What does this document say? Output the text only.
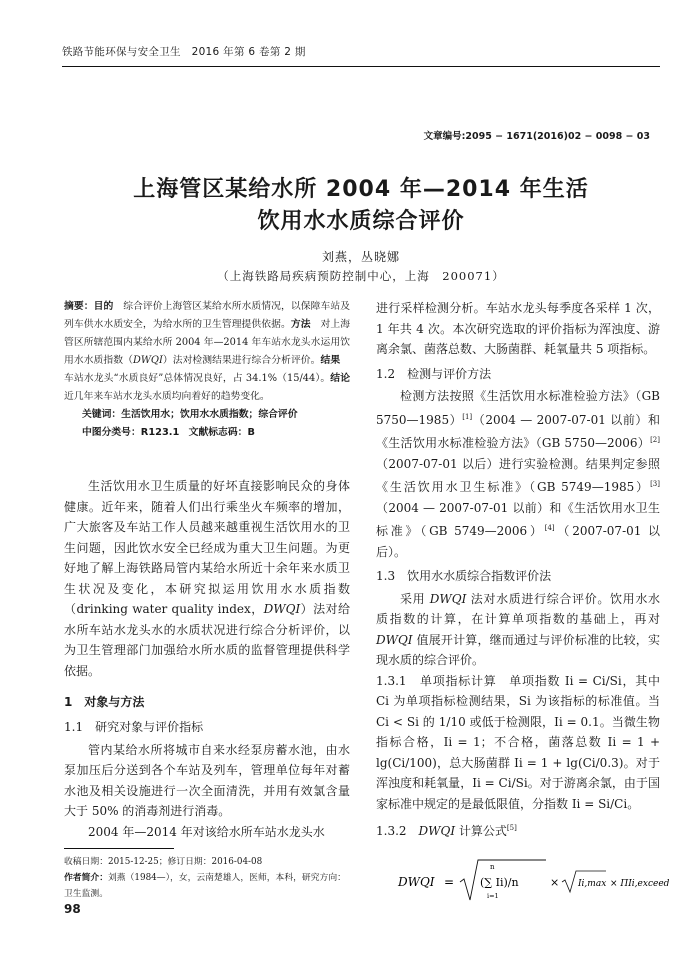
铁路节能环保与安全卫生　2016 年第 6 卷第 2 期
文章编号:2095 − 1671(2016)02 − 0098 − 03
上海管区某给水所 2004 年—2014 年生活
饮用水水质综合评价
刘燕，丛晓娜
（上海铁路局疾病预防控制中心，上海　200071）
摘要：目的　综合评价上海管区某给水所水质情况，以保障车站及列车供水水质安全，为给水所的卫生管理提供依据。方法　对上海管区所辖范围内某给水所 2004 年—2014 年车站水龙头水运用饮用水水质指数（DWQI）法对检测结果进行综合分析评价。结果　车站水龙头“水质良好”总体情况良好，占 34.1%（15/44）。结论近几年来车站水龙头水质均向着好的趋势变化。
关键词：生活饮用水；饮用水水质指数；综合评价
中图分类号：R123.1 文献标志码：B

生活饮用水卫生质量的好坏直接影响民众的身体健康。近年来，随着人们出行乘坐火车频率的增加，广大旅客及车站工作人员越来越重视生活饮用水的卫生问题，因此饮水安全已经成为重大卫生问题。为更好地了解上海铁路局管内某给水所近十余年来水质卫生状况及变化，本研究拟运用饮用水水质指数（drinking water quality index，DWQI）法对给水所车站水龙头水的水质状况进行综合分析评价，以为卫生管理部门加强给水所水质的监督管理提供科学依据。

1　对象与方法
1.1　研究对象与评价指标

管内某给水所将城市自来水经泵房蓄水池，由水泵加压后分送到各个车站及列车，管理单位每年对蓄水池及相关设施进行一次全面清洗，并用有效氯含量大于 50% 的消毒剂进行消毒。

2004 年—2014 年对该给水所车站水龙头水

进行采样检测分析。车站水龙头每季度各采样 1 次，1 年共 4 次。本次研究选取的评价指标为浑浊度、游离余氯、菌落总数、大肠菌群、耗氧量共 5 项指标。

1.2　检测与评价方法

检测方法按照《生活饮用水标准检验方法》（GB 5750—1985）[1]（2004 — 2007-07-01 以前）和《生活饮用水标准检验方法》（GB 5750—2006）[2]（2007-07-01 以后）进行实验检测。结果判定参照《生活饮用水卫生标准》（GB 5749—1985）[3]（2004 — 2007-07-01 以前）和《生活饮用水卫生标准》（GB 5749—2006）[4]（2007-07-01 以后）。

1.3　饮用水水质综合指数评价法

采用 DWQI 法对水质进行综合评价。饮用水水质指数的计算，在计算单项指数的基础上，再对 DWQI 值展开计算，继而通过与评价标准的比较，实现水质的综合评价。

1.3.1　单项指标计算　单项指数 Ii = Ci/Si，其中 Ci 为单项指标检测结果，Si 为该指标的标准值。当 Ci < Si 的 1/10 或低于检测限，Ii = 0.1。当微生物指标合格，Ii = 1；不合格，菌落总数 Ii = 1 + lg(Ci/100)，总大肠菌群 Ii = 1 + lg(Ci/0.3)。对于浑浊度和耗氧量，Ii = Ci/Si。对于游离余氯，由于国家标准中规定的是最低限值，分指数 Ii = Si/Ci。

1.3.2　DWQI 计算公式[5]
DWQI =
n
(∑ Ii)/n
i=1
× Ii,max × ΠIi,exceed
收稿日期：2015-12-25；修订日期：2016-04-08
作者简介：刘燕（1984—），女，云南楚雄人，医师，本科，研究方向：卫生监测。
98
